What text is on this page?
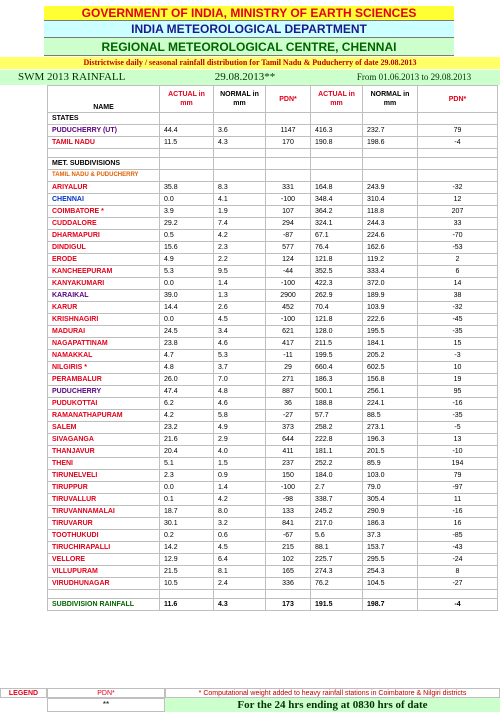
GOVERNMENT OF INDIA, MINISTRY OF EARTH SCIENCES
INDIA METEOROLOGICAL DEPARTMENT
REGIONAL METEOROLOGICAL CENTRE, CHENNAI
Districtwise daily / seasonal rainfall distribution for Tamil Nadu & Puducherry of date 29.08.2013
SWM 2013 RAINFALL	29.08.2013**	From 01.06.2013 to 29.08.2013
NAME	ACTUAL in mm	NORMAL in mm	PDN*	ACTUAL in mm	NORMAL in mm	PDN*
STATES						
PUDUCHERRY (UT)	44.4	3.6	1147	416.3	232.7	79
TAMIL NADU	11.5	4.3	170	190.8	198.6	-4

MET. SUBDIVISIONS						
TAMIL NADU & PUDUCHERRY						
ARIYALUR	35.8	8.3	331	164.8	243.9	-32
CHENNAI	0.0	4.1	-100	348.4	310.4	12
COIMBATORE *	3.9	1.9	107	364.2	118.8	207
CUDDALORE	29.2	7.4	294	324.1	244.3	33
DHARMAPURI	0.5	4.2	-87	67.1	224.6	-70
DINDIGUL	15.6	2.3	577	76.4	162.6	-53
ERODE	4.9	2.2	124	121.8	119.2	2
KANCHEEPURAM	5.3	9.5	-44	352.5	333.4	6
KANYAKUMARI	0.0	1.4	-100	422.3	372.0	14
KARAIKAL	39.0	1.3	2900	262.9	189.9	38
KARUR	14.4	2.6	452	70.4	103.9	-32
KRISHNAGIRI	0.0	4.5	-100	121.8	222.6	-45
MADURAI	24.5	3.4	621	128.0	195.5	-35
NAGAPATTINAM	23.8	4.6	417	211.5	184.1	15
NAMAKKAL	4.7	5.3	-11	199.5	205.2	-3
NILGIRIS *	4.8	3.7	29	660.4	602.5	10
PERAMBALUR	26.0	7.0	271	186.3	156.8	19
PUDUCHERRY	47.4	4.8	887	500.1	256.1	95
PUDUKOTTAI	6.2	4.6	36	188.8	224.1	-16
RAMANATHAPURAM	4.2	5.8	-27	57.7	88.5	-35
SALEM	23.2	4.9	373	258.2	273.1	-5
SIVAGANGA	21.6	2.9	644	222.8	196.3	13
THANJAVUR	20.4	4.0	411	181.1	201.5	-10
THENI	5.1	1.5	237	252.2	85.9	194
TIRUNELVELI	2.3	0.9	150	184.0	103.0	79
TIRUPPUR	0.0	1.4	-100	2.7	79.0	-97
TIRUVALLUR	0.1	4.2	-98	338.7	305.4	11
TIRUVANNAMALAI	18.7	8.0	133	245.2	290.9	-16
TIRUVARUR	30.1	3.2	841	217.0	186.3	16
TOOTHUKUDI	0.2	0.6	-67	5.6	37.3	-85
TIRUCHIRAPALLI	14.2	4.5	215	88.1	153.7	-43
VELLORE	12.9	6.4	102	225.7	295.5	-24
VILLUPURAM	21.5	8.1	165	274.3	254.3	8
VIRUDHUNAGAR	10.5	2.4	336	76.2	104.5	-27

SUBDIVISION RAINFALL	11.6	4.3	173	191.5	198.7	-4
LEGEND	PDN*	* Computational weight added to heavy rainfall stations in Coimbatore & Nilgiri districts
**	For the 24 hrs ending at 0830 hrs of date
